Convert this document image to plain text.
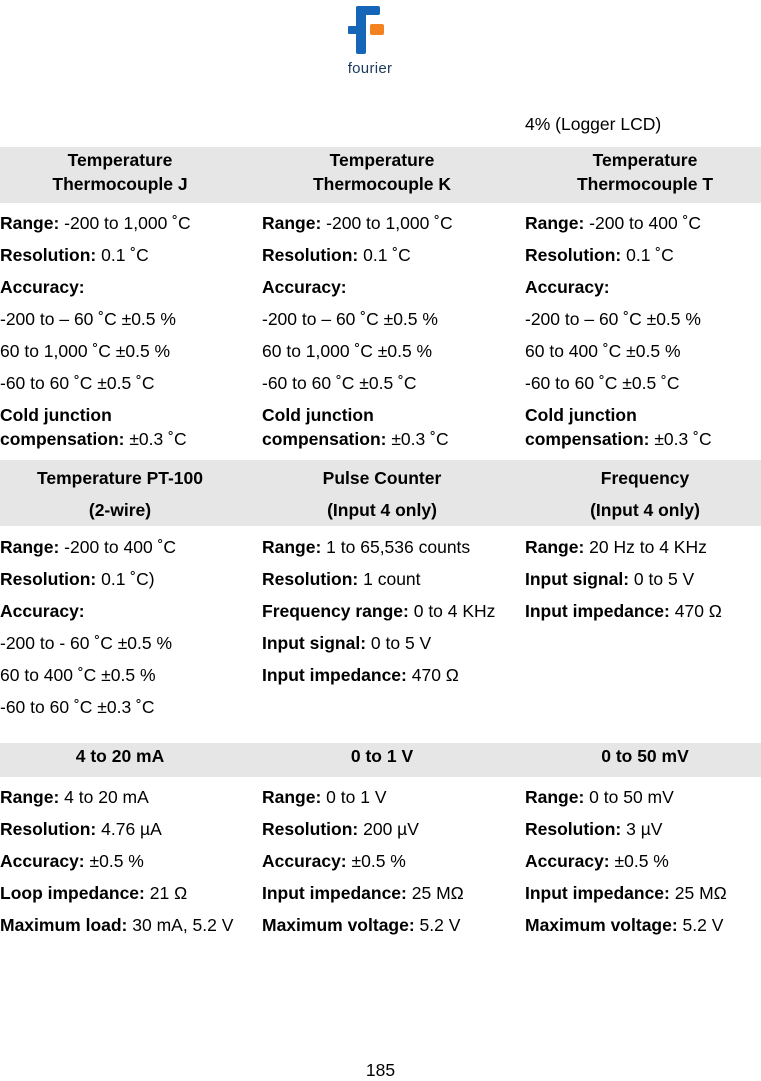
fourier
4% (Logger LCD)
Temperature
Thermocouple J
Temperature
Thermocouple K
Temperature
Thermocouple T
Range: -200 to 1,000 ˚C
Resolution: 0.1 ˚C
Accuracy:
-200 to – 60 ˚C ±0.5 %
60 to 1,000 ˚C ±0.5 %
-60 to 60 ˚C ±0.5 ˚C
Cold junction
compensation: ±0.3 ˚C
Range: -200 to 1,000 ˚C
Resolution: 0.1 ˚C
Accuracy:
-200 to – 60 ˚C ±0.5 %
60 to 1,000 ˚C ±0.5 %
-60 to 60 ˚C ±0.5 ˚C
Cold junction
compensation: ±0.3 ˚C
Range: -200 to 400 ˚C
Resolution: 0.1 ˚C
Accuracy:
-200 to – 60 ˚C ±0.5 %
60 to 400 ˚C ±0.5 %
-60 to 60 ˚C ±0.5 ˚C
Cold junction
compensation: ±0.3 ˚C
Temperature PT-100
(2-wire)
Pulse Counter
(Input 4 only)
Frequency
(Input 4 only)
Range: -200 to 400 ˚C
Resolution: 0.1 ˚C)
Accuracy:
-200 to - 60 ˚C ±0.5 %
60 to 400 ˚C ±0.5 %
-60 to 60 ˚C ±0.3 ˚C
Range: 1 to 65,536 counts
Resolution: 1 count
Frequency range: 0 to 4 KHz
Input signal: 0 to 5 V
Input impedance: 470 Ω
Range: 20 Hz to 4 KHz
Input signal: 0 to 5 V
Input impedance: 470 Ω
4 to 20 mA	0 to 1 V	0 to 50 mV
Range: 4 to 20 mA
Resolution: 4.76 µA
Accuracy: ±0.5 %
Loop impedance: 21 Ω
Maximum load: 30 mA, 5.2 V
Range: 0 to 1 V
Resolution: 200 µV
Accuracy: ±0.5 %
Input impedance: 25 MΩ
Maximum voltage: 5.2 V
Range: 0 to 50 mV
Resolution: 3 µV
Accuracy: ±0.5 %
Input impedance: 25 MΩ
Maximum voltage: 5.2 V
185
